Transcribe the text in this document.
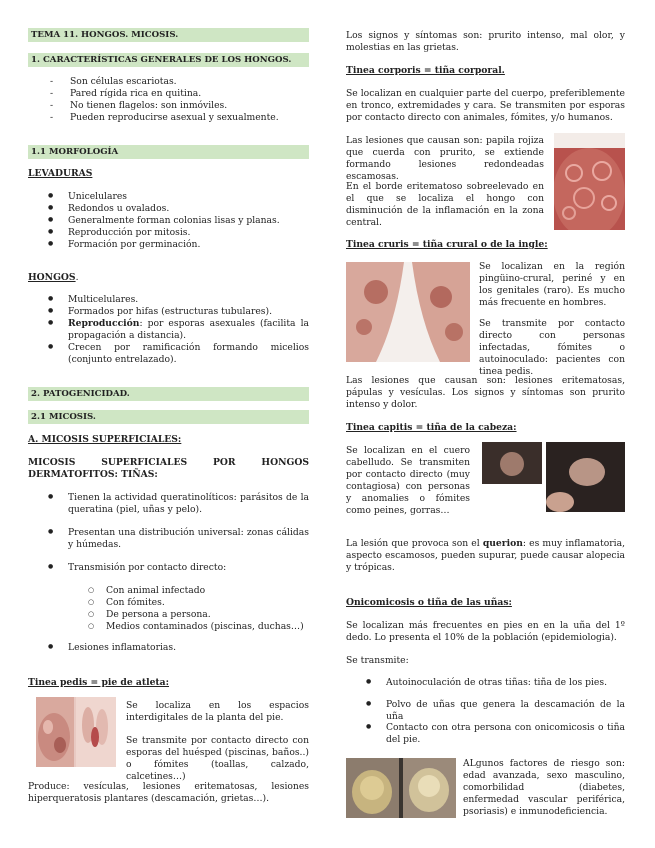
TEMA 11. HONGOS. MICOSIS.
1. CARACTERÍSTICAS GENERALES DE LOS HONGOS.
- Son células escariotas.
- Pared rígida rica en quitina.
- No tienen flagelos: son inmóviles.
- Pueden reproducirse asexual y sexualmente.
1.1 MORFOLOGÍA
LEVADURAS
● Unicelulares
● Redondos u ovalados.
● Generalmente forman colonias lisas y planas.
● Reproducción por mitosis.
● Formación por germinación.
HONGOS.
● Multicelulares.
● Formados por hifas (estructuras tubulares).
● Reproducción: por esporas asexuales (facilita la propagación a distancia).
● Crecen por ramificación formando micelios (conjunto entrelazado).
2. PATOGENICIDAD.
2.1 MICOSIS.
A. MICOSIS SUPERFICIALES:
MICOSIS SUPERFICIALES POR HONGOS DERMATOFITOS: TIÑAS:
● Tienen la actividad queratinolíticos: parásitos de la queratina (piel, uñas y pelo).
● Presentan una distribución universal: zonas cálidas y húmedas.
● Transmisión por contacto directo:
○ Con animal infectado
○ Con fómites.
○ De persona a persona.
○ Medios contaminados (piscinas, duchas…)
● Lesiones inflamatorias.
Tinea pedis = pie de atleta:
Se localiza en los espacios interdigitales de la planta del pie.
Se transmite por contacto directo con esporas del huésped (piscinas, baños..) o fómites (toallas, calzado, calcetines…)
Produce: vesículas, lesiones eritematosas, lesiones hiperqueratosis plantares (descamación, grietas…).
Los signos y síntomas son: prurito intenso, mal olor, y molestias en las grietas.
Tinea corporis = tiña corporal.
Se localizan en cualquier parte del cuerpo, preferiblemente en tronco, extremidades y cara. Se transmiten por esporas por contacto directo con animales, fómites, y/o humanos.
Las lesiones que causan son: papila rojiza que cuerda con prurito, se extiende formando lesiones redondeadas escamosas.
En el borde eritematoso sobreelevado en el que se localiza el hongo con disminución de la inflamación en la zona central.
Tinea cruris = tiña crural o de la ingle:
Se localizan en la región pingüino-crural, periné y en los genitales (raro). Es mucho más frecuente en hombres.
Se transmite por contacto directo con personas infectadas, fómites o autoinoculado: pacientes con tinea pedis.
Las lesiones que causan son: lesiones eritematosas, pápulas y vesículas. Los signos y síntomas son prurito intenso y dolor.
Tinea capitis = tiña de la cabeza:
Se localizan en el cuero cabelludo. Se transmiten por contacto directo (muy contagiosa) con personas y anomalies o fómites como peines, gorras…
La lesión que provoca son el querion: es muy inflamatoria, aspecto escamosos, pueden supurar, puede causar alopecia y trópicas.
Onicomicosis o tiña de las uñas:
Se localizan más frecuentes en pies en en la uña del 1º dedo. Lo presenta el 10% de la población (epidemiologia).
Se transmite:
● Autoinoculación de otras tiñas: tiña de los pies.
● Polvo de uñas que genera la descamación de la uña
● Contacto con otra persona con onicomicosis o tiña del pie.
ALgunos factores de riesgo son: edad avanzada, sexo masculino, comorbilidad (diabetes, enfermedad vascular periférica, psoriasis) e inmunodeficiencia.
